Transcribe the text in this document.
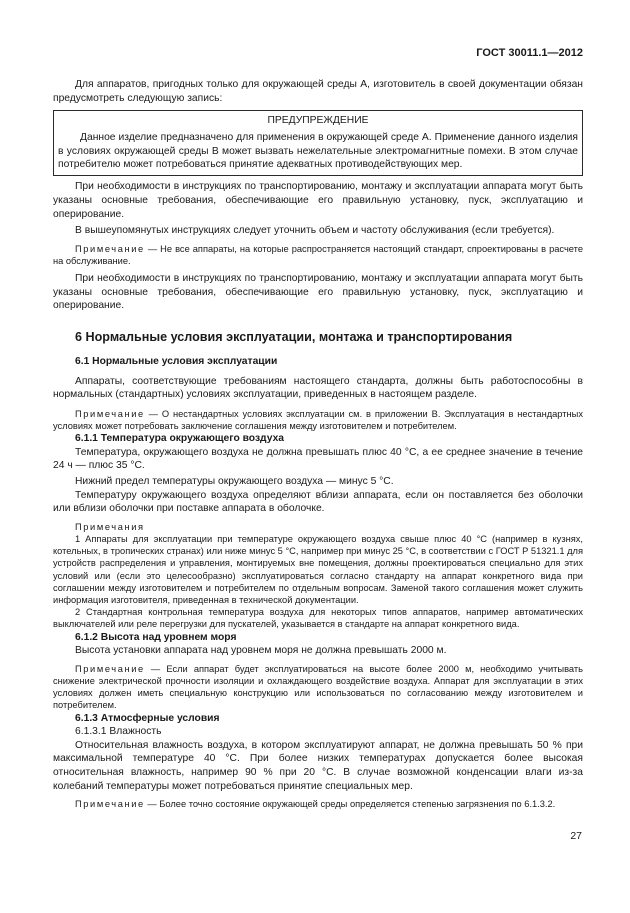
ГОСТ 30011.1—2012

Для аппаратов, пригодных только для окружающей среды А, изготовитель в своей документации обязан предусмотреть следующую запись:

ПРЕДУПРЕЖДЕНИЕ

Данное изделие предназначено для применения в окружающей среде А. Применение данного изделия в условиях окружающей среды В может вызвать нежелательные электромагнитные помехи. В этом случае потребителю может потребоваться принятие адекватных противодействующих мер.

При необходимости в инструкциях по транспортированию, монтажу и эксплуатации аппарата могут быть указаны основные требования, обеспечивающие его правильную установку, пуск, эксплуатацию и оперирование.

В вышеупомянутых инструкциях следует уточнить объем и частоту обслуживания (если требуется).

Примечание — Не все аппараты, на которые распространяется настоящий стандарт, спроектированы в расчете на обслуживание.

При необходимости в инструкциях по транспортированию, монтажу и эксплуатации аппарата могут быть указаны основные требования, обеспечивающие его правильную установку, пуск, эксплуатацию и оперирование.

6 Нормальные условия эксплуатации, монтажа и транспортирования
6.1 Нормальные условия эксплуатации

Аппараты, соответствующие требованиям настоящего стандарта, должны быть работоспособны в нормальных (стандартных) условиях эксплуатации, приведенных в настоящем разделе.

Примечание — О нестандартных условиях эксплуатации см. в приложении В. Эксплуатация в нестандартных условиях может потребовать заключение соглашения между изготовителем и потребителем.

6.1.1 Температура окружающего воздуха

Температура, окружающего воздуха не должна превышать плюс 40 °С, а ее среднее значение в течение 24 ч — плюс 35 °С.

Нижний предел температуры окружающего воздуха — минус 5 °С.

Температуру окружающего воздуха определяют вблизи аппарата, если он поставляется без оболочки или вблизи оболочки при поставке аппарата в оболочке.

Примечания

1 Аппараты для эксплуатации при температуре окружающего воздуха свыше плюс 40 °С (например в кузнях, котельных, в тропических странах) или ниже минус 5 °С, например при минус 25 °С, в соответствии с ГОСТ Р 51321.1 для устройств распределения и управления, монтируемых вне помещения, должны проектироваться специально для этих условий или (если это целесообразно) эксплуатироваться согласно стандарту на аппарат конкретного вида при соглашении между изготовителем и потребителем по отдельным вопросам. Заменой такого соглашения может служить информация изготовителя, приведенная в технической документации.

2 Стандартная контрольная температура воздуха для некоторых типов аппаратов, например автоматических выключателей или реле перегрузки для пускателей, указывается в стандарте на аппарат конкретного вида.

6.1.2 Высота над уровнем моря

Высота установки аппарата над уровнем моря не должна превышать 2000 м.

Примечание — Если аппарат будет эксплуатироваться на высоте более 2000 м, необходимо учитывать снижение электрической прочности изоляции и охлаждающего воздействие воздуха. Аппарат для эксплуатации в этих условиях должен иметь специальную конструкцию или использоваться по согласованию между изготовителем и потребителем.

6.1.3 Атмосферные условия

6.1.3.1 Влажность

Относительная влажность воздуха, в котором эксплуатируют аппарат, не должна превышать 50 % при максимальной температуре 40 °С. При более низких температурах допускается более высокая относительная влажность, например 90 % при 20 °С. В случае возможной конденсации влаги из-за колебаний температуры может потребоваться принятие специальных мер.

Примечание — Более точно состояние окружающей среды определяется степенью загрязнения по 6.1.3.2.

27
